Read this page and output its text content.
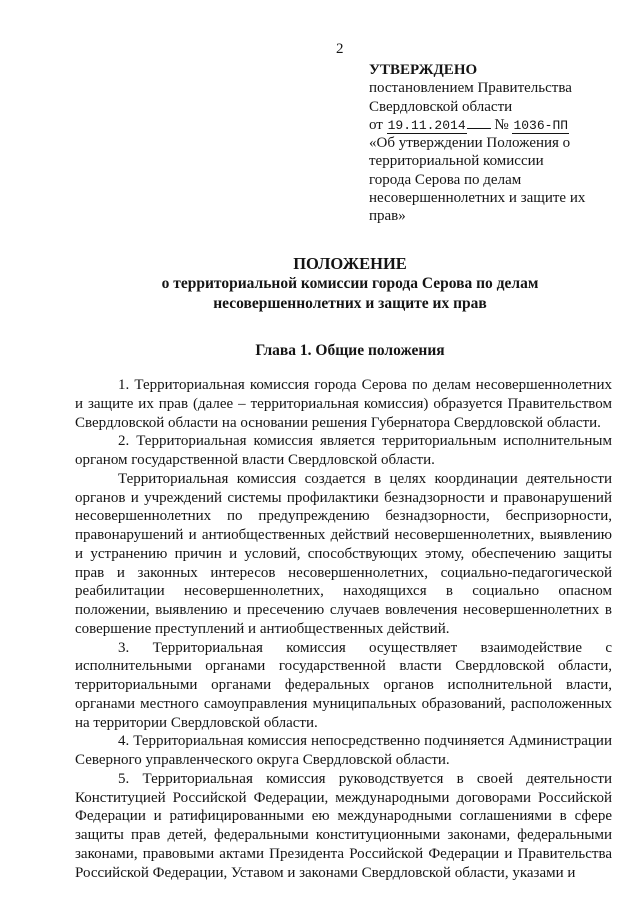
2
УТВЕРЖДЕНО
постановлением Правительства
Свердловской области
от 19.11.2014 № 1036-ПП
«Об утверждении Положения о
территориальной комиссии
города Серова по делам
несовершеннолетних и защите их
прав»
ПОЛОЖЕНИЕ
о территориальной комиссии города Серова по делам
несовершеннолетних и защите их прав
Глава 1. Общие положения

1. Территориальная комиссия города Серова по делам несовершеннолетних и защите их прав (далее – территориальная комиссия) образуется Правительством Свердловской области на основании решения Губернатора Свердловской области.

2. Территориальная комиссия является территориальным исполнительным органом государственной власти Свердловской области.

Территориальная комиссия создается в целях координации деятельности органов и учреждений системы профилактики безнадзорности и правонарушений несовершеннолетних по предупреждению безнадзорности, беспризорности, правонарушений и антиобщественных действий несовершеннолетних, выявлению и устранению причин и условий, способствующих этому, обеспечению защиты прав и законных интересов несовершеннолетних, социально-педагогической реабилитации несовершеннолетних, находящихся в социально опасном положении, выявлению и пресечению случаев вовлечения несовершеннолетних в совершение преступлений и антиобщественных действий.

3. Территориальная комиссия осуществляет взаимодействие с исполнительными органами государственной власти Свердловской области, территориальными органами федеральных органов исполнительной власти, органами местного самоуправления муниципальных образований, расположенных на территории Свердловской области.

4. Территориальная комиссия непосредственно подчиняется Администрации Северного управленческого округа Свердловской области.

5. Территориальная комиссия руководствуется в своей деятельности Конституцией Российской Федерации, международными договорами Российской Федерации и ратифицированными ею международными соглашениями в сфере защиты прав детей, федеральными конституционными законами, федеральными законами, правовыми актами Президента Российской Федерации и Правительства Российской Федерации, Уставом и законами Свердловской области, указами и
